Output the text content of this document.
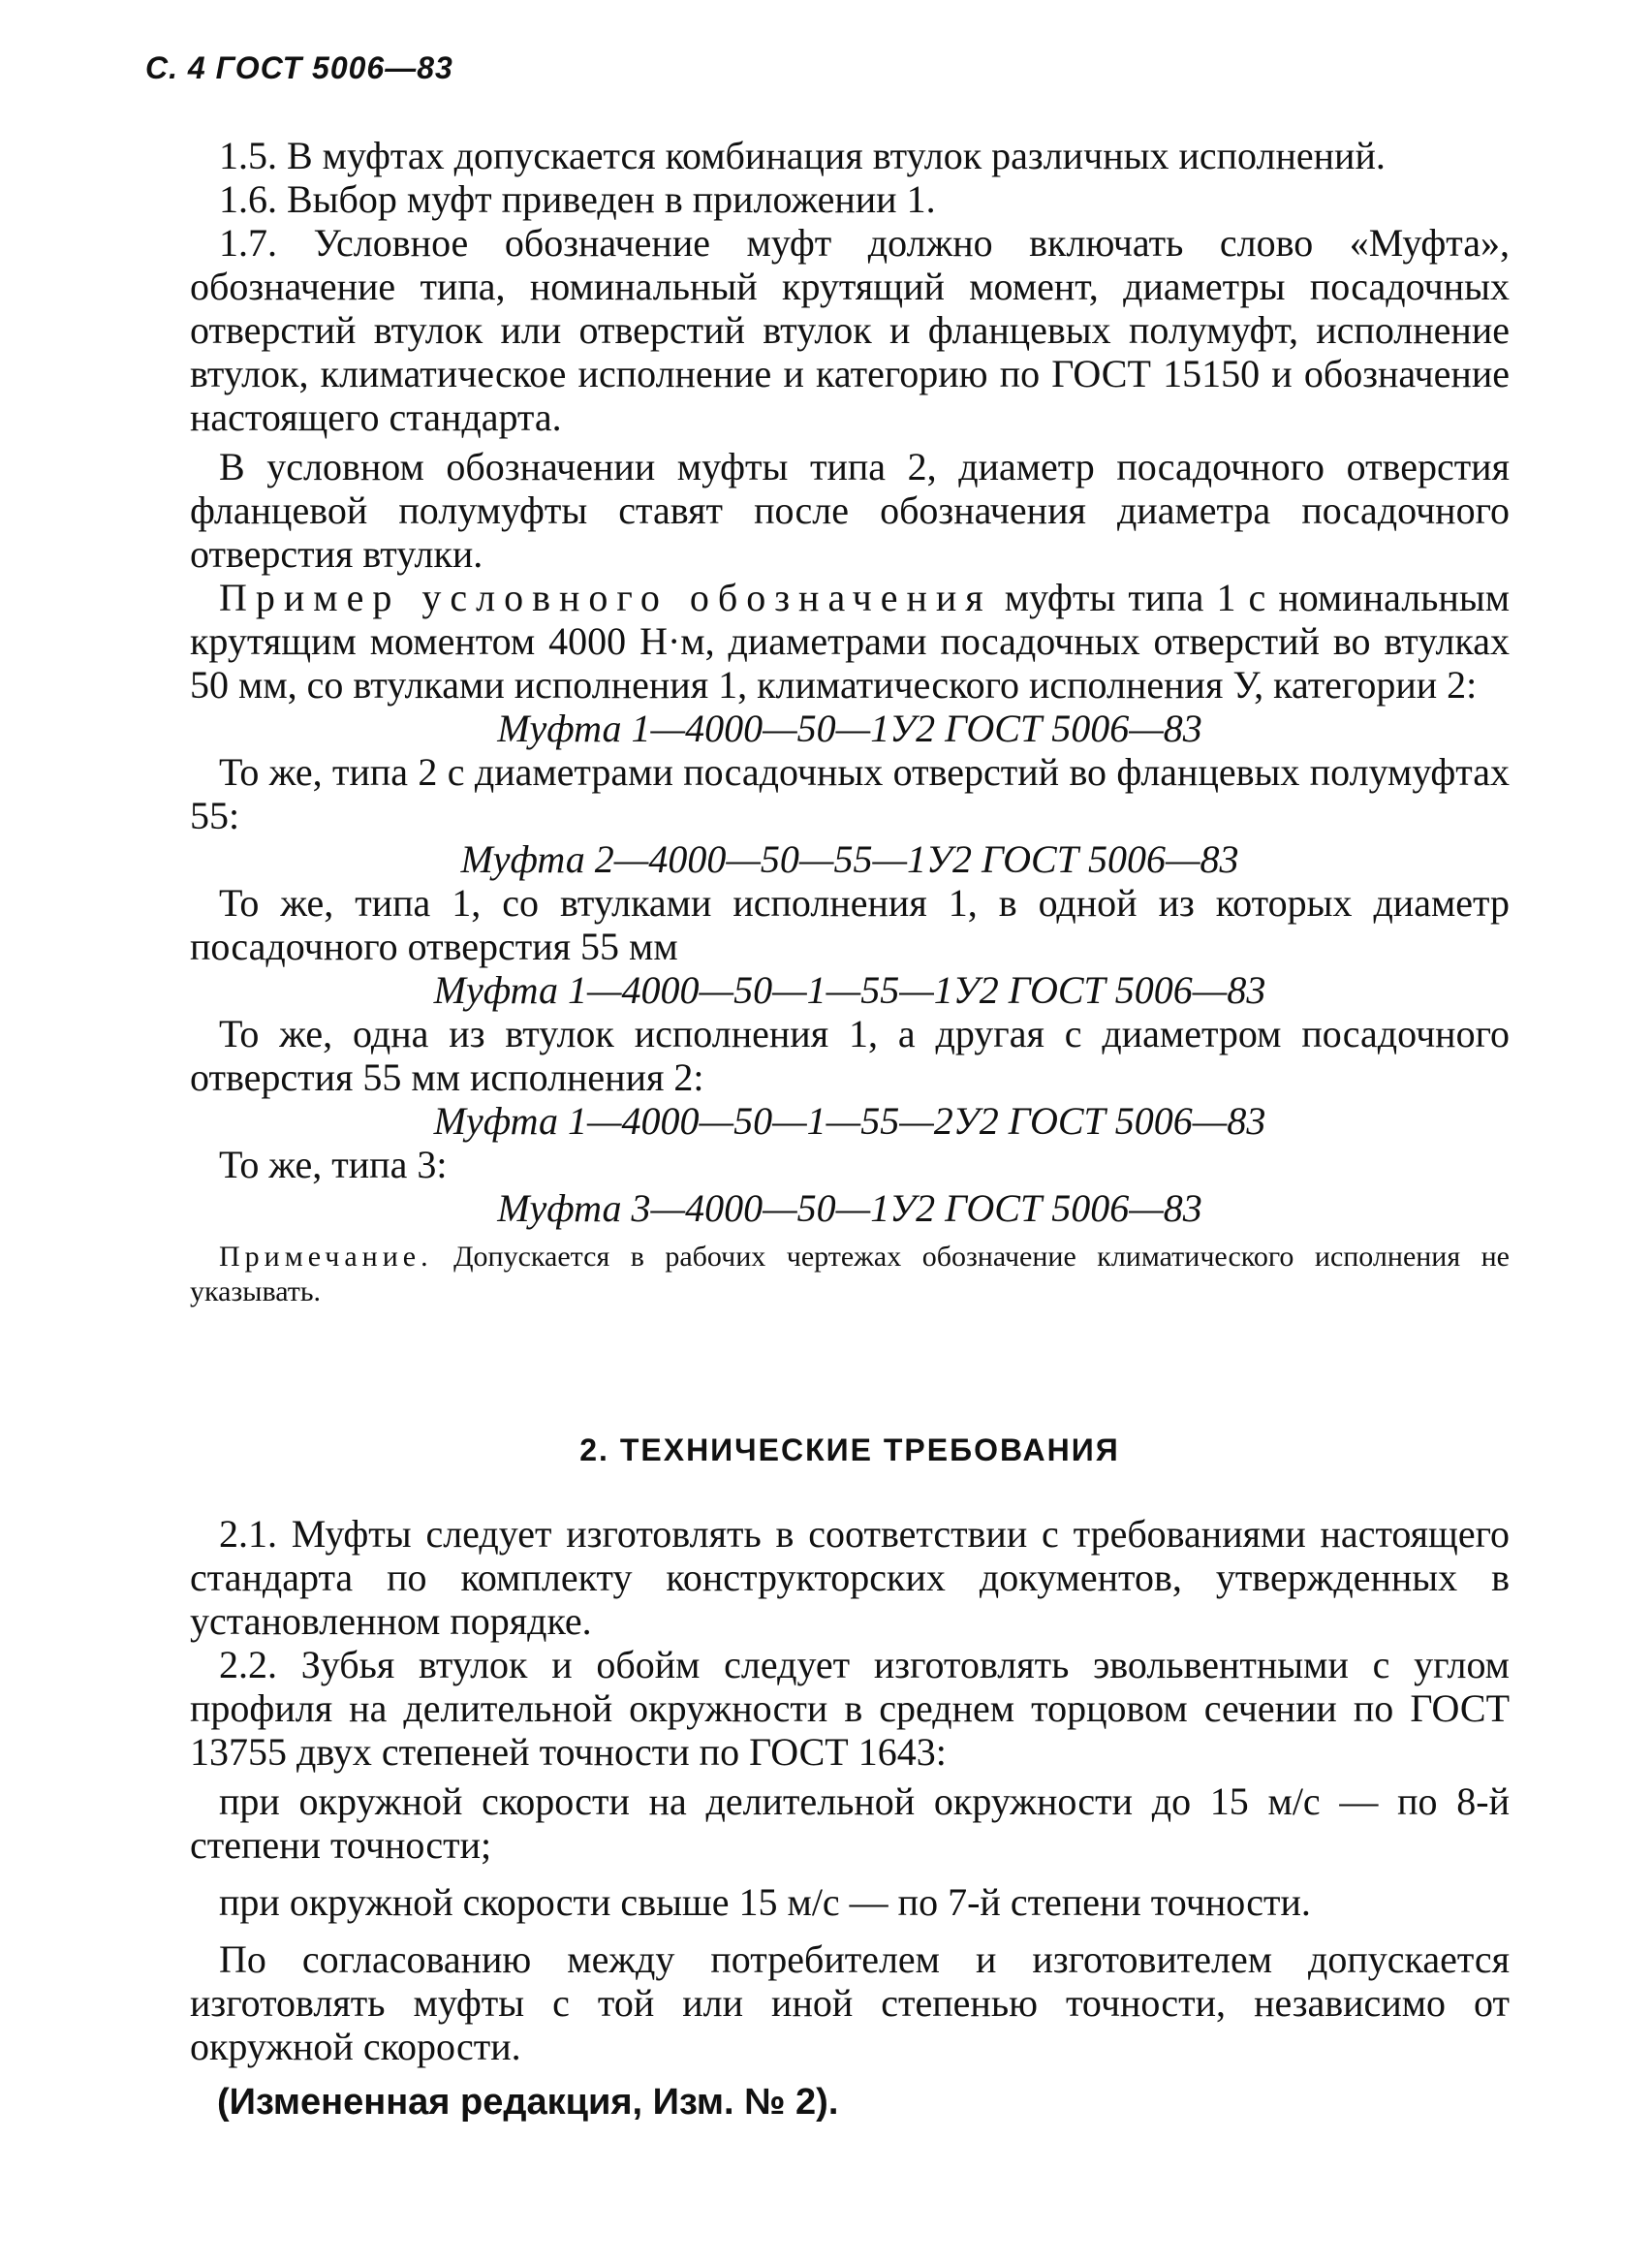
С. 4 ГОСТ 5006—83

1.5. В муфтах допускается комбинация втулок различных исполнений.

1.6. Выбор муфт приведен в приложении 1.

1.7. Условное обозначение муфт должно включать слово «Муфта», обозначение типа, номинальный крутящий момент, диаметры посадочных отверстий втулок или отверстий втулок и фланцевых полумуфт, исполнение втулок, климатическое исполнение и категорию по ГОСТ 15150 и обозначение настоящего стандарта.

В условном обозначении муфты типа 2, диаметр посадочного отверстия фланцевой полумуфты ставят после обозначения диаметра посадочного отверстия втулки.

Пример условного обозначения муфты типа 1 с номинальным крутящим моментом 4000 Н·м, диаметрами посадочных отверстий во втулках 50 мм, со втулками исполнения 1, климатического исполнения У, категории 2:

Муфта 1—4000—50—1У2 ГОСТ 5006—83

То же, типа 2 с диаметрами посадочных отверстий во фланцевых полумуфтах 55:

Муфта 2—4000—50—55—1У2 ГОСТ 5006—83

То же, типа 1, со втулками исполнения 1, в одной из которых диаметр посадочного отверстия 55 мм

Муфта 1—4000—50—1—55—1У2 ГОСТ 5006—83

То же, одна из втулок исполнения 1, а другая с диаметром посадочного отверстия 55 мм исполнения 2:

Муфта 1—4000—50—1—55—2У2 ГОСТ 5006—83

То же, типа 3:

Муфта 3—4000—50—1У2 ГОСТ 5006—83

Примечание. Допускается в рабочих чертежах обозначение климатического исполнения не указывать.

2. ТЕХНИЧЕСКИЕ ТРЕБОВАНИЯ

2.1. Муфты следует изготовлять в соответствии с требованиями настоящего стандарта по комплекту конструкторских документов, утвержденных в установленном порядке.

2.2. Зубья втулок и обойм следует изготовлять эвольвентными с углом профиля на делительной окружности в среднем торцовом сечении по ГОСТ 13755 двух степеней точности по ГОСТ 1643:

при окружной скорости на делительной окружности до 15 м/с — по 8-й степени точности;

при окружной скорости свыше 15 м/с — по 7-й степени точности.

По согласованию между потребителем и изготовителем допускается изготовлять муфты с той или иной степенью точности, независимо от окружной скорости.

(Измененная редакция, Изм. № 2).
